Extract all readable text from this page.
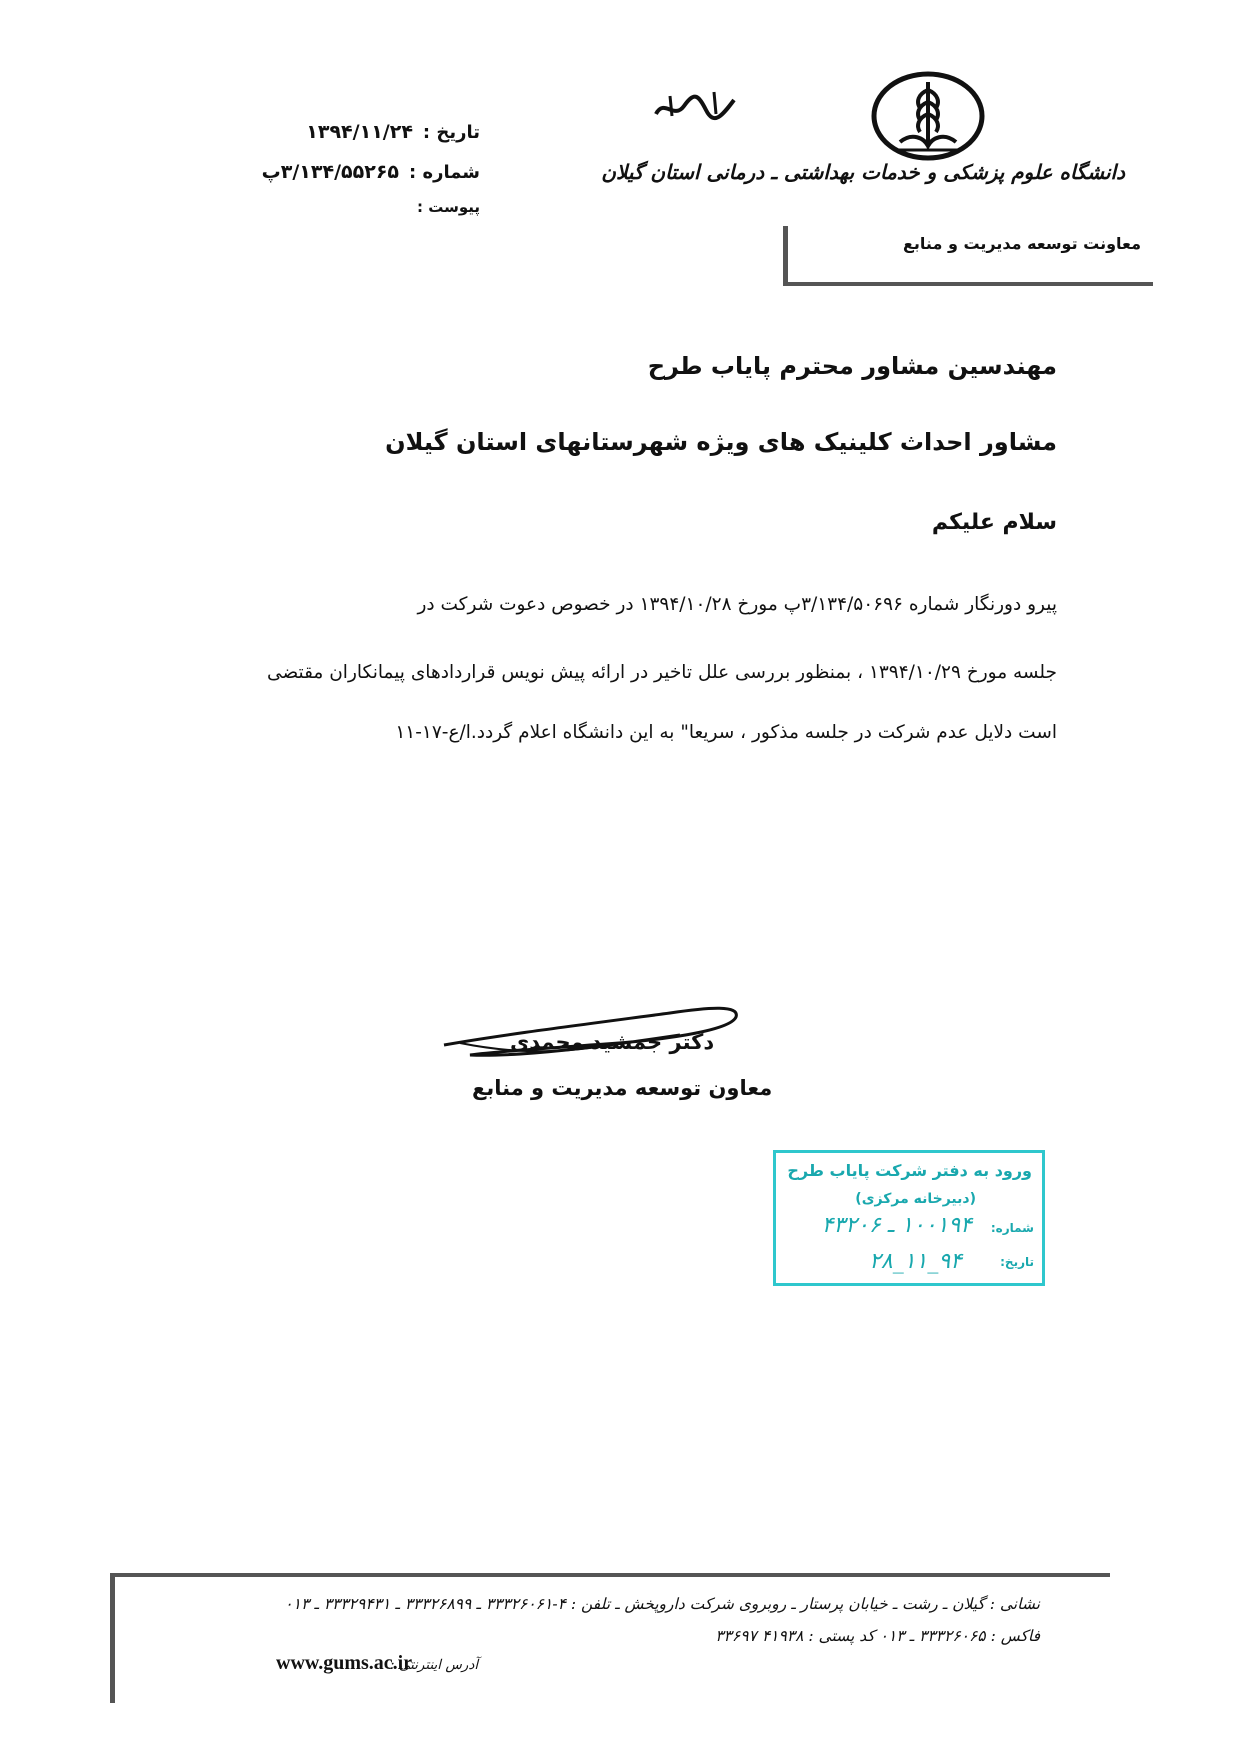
دانشگاه علوم پزشکی و خدمات بهداشتی ـ درمانی استان گیلان
معاونت توسعه مدیریت و منابع
تاریخ :
۱۳۹۴/۱۱/۲۴
شماره :
۳/۱۳۴/۵۵۲۶۵پ
پیوست :
مهندسین مشاور محترم پایاب طرح
مشاور احداث کلینیک های ویژه شهرستانهای استان گیلان
سلام علیکم
پیرو دورنگار شماره ۳/۱۳۴/۵۰۶۹۶پ مورخ ۱۳۹۴/۱۰/۲۸ در خصوص دعوت شرکت در
جلسه مورخ ۱۳۹۴/۱۰/۲۹ ، بمنظور بررسی علل تاخیر در ارائه پیش نویس قراردادهای پیمانکاران مقتضی
است دلایل عدم شرکت در جلسه مذکور ، سریعا" به این دانشگاه اعلام گردد.ا/ع-۱۷-۱۱
دکتر جمشید محمدی
معاون توسعه مدیریت و منابع
ورود به دفتر شرکت پایاب طرح
(دبیرخانه مرکزی)
شماره:
۱۰۰۱۹۴ ـ ۴۳۲۰۶
تاریخ:
۹۴_۱۱_۲۸
نشانی : گیلان ـ رشت ـ خیابان پرستار ـ روبروی شرکت داروپخش ـ تلفن : ۴-۳۳۳۲۶۰۶۱ ـ ۳۳۳۲۶۸۹۹ ـ ۳۳۳۲۹۴۳۱ ـ ۰۱۳
فاکس : ۳۳۳۲۶۰۶۵ ـ ۰۱۳ کد پستی : ۴۱۹۳۸ ۳۳۶۹۷
آدرس اینترنتی :
www.gums.ac.ir
